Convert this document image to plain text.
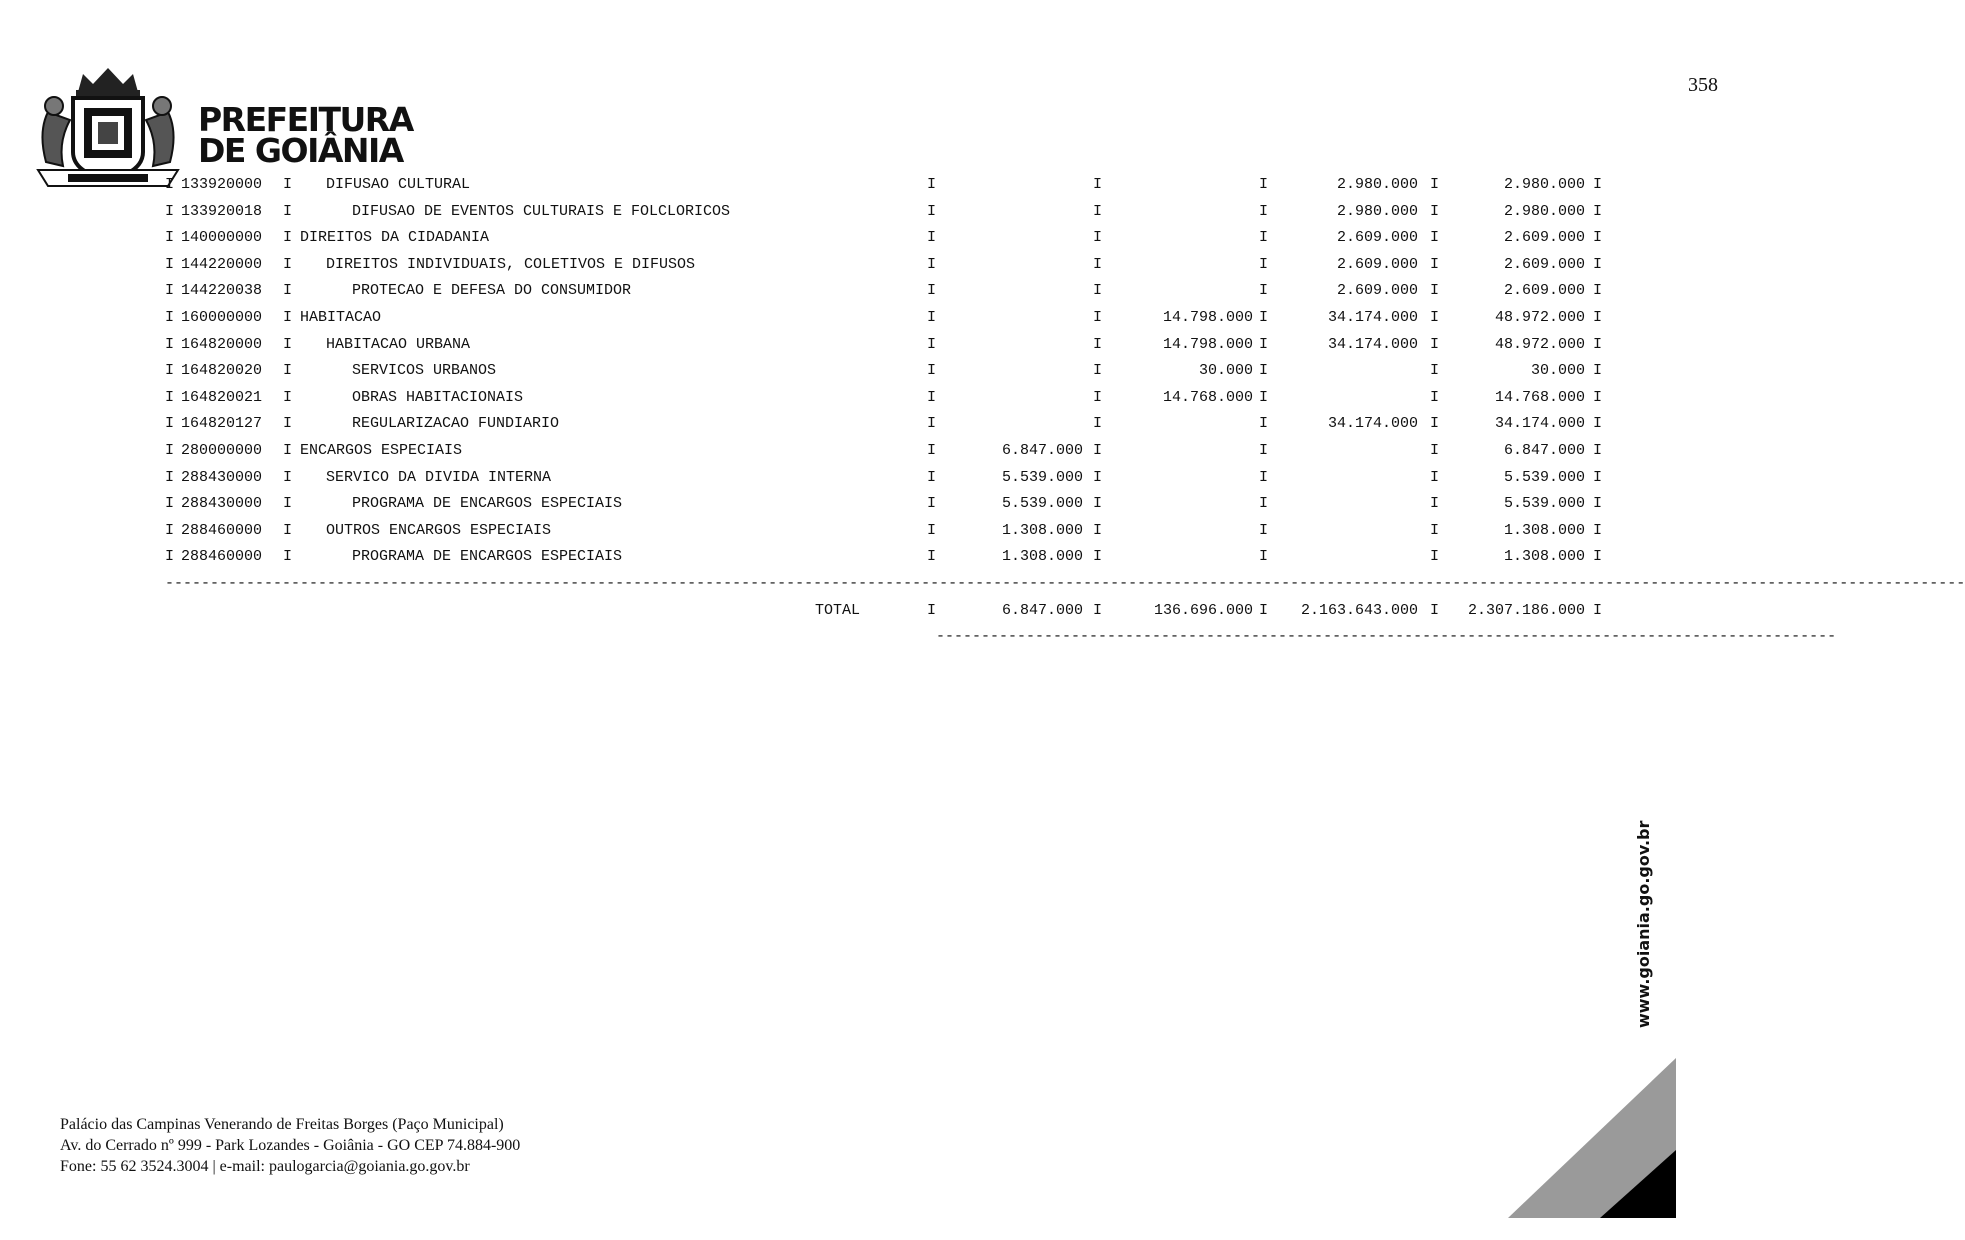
358
PREFEITURA
DE GOIÂNIA
I 133920000 I DIFUSAO CULTURAL	I	I	I	2.980.000 I	2.980.000 I
I 133920018 I	DIFUSAO DE EVENTOS CULTURAIS E FOLCLORICOS	I	I	I	2.980.000 I	2.980.000 I
I 140000000 I DIREITOS DA CIDADANIA	I	I	I	2.609.000 I	2.609.000 I
I 144220000 I DIREITOS INDIVIDUAIS, COLETIVOS E DIFUSOS	I	I	I	2.609.000 I	2.609.000 I
I 144220038 I	PROTECAO E DEFESA DO CONSUMIDOR	I	I	I	2.609.000 I	2.609.000 I
I 160000000 I HABITACAO	I	I	14.798.000 I	34.174.000 I	48.972.000 I
I 164820000 I HABITACAO URBANA	I	I	14.798.000 I	34.174.000 I	48.972.000 I
I 164820020 I	SERVICOS URBANOS	I	I	30.000 I	I	30.000 I
I 164820021 I	OBRAS HABITACIONAIS	I	I	14.768.000 I	I	14.768.000 I
I 164820127 I	REGULARIZACAO FUNDIARIO	I	I	I	34.174.000 I	34.174.000 I
I 280000000 I ENCARGOS ESPECIAIS	I	6.847.000 I	I	I	6.847.000 I
I 288430000 I SERVICO DA DIVIDA INTERNA	I	5.539.000 I	I	I	5.539.000 I
I 288430000 I	PROGRAMA DE ENCARGOS ESPECIAIS	I	5.539.000 I	I	I	5.539.000 I
I 288460000 I OUTROS ENCARGOS ESPECIAIS	I	1.308.000 I	I	I	1.308.000 I
I 288460000 I	PROGRAMA DE ENCARGOS ESPECIAIS	I	1.308.000 I	I	I	1.308.000 I
TOTAL	I	6.847.000 I	136.696.000 I 2.163.643.000 I 2.307.186.000 I
--------------------------------------------------------------------------------------------------------------------------------------------------------------------------------------------------------
----------------------------------------------------------------------------------------------------
Palácio das Campinas Venerando de Freitas Borges (Paço Municipal)
Av. do Cerrado nº 999 - Park Lozandes - Goiânia - GO CEP 74.884-900
Fone: 55 62 3524.3004 | e-mail: paulogarcia@goiania.go.gov.br
www.goiania.go.gov.br
